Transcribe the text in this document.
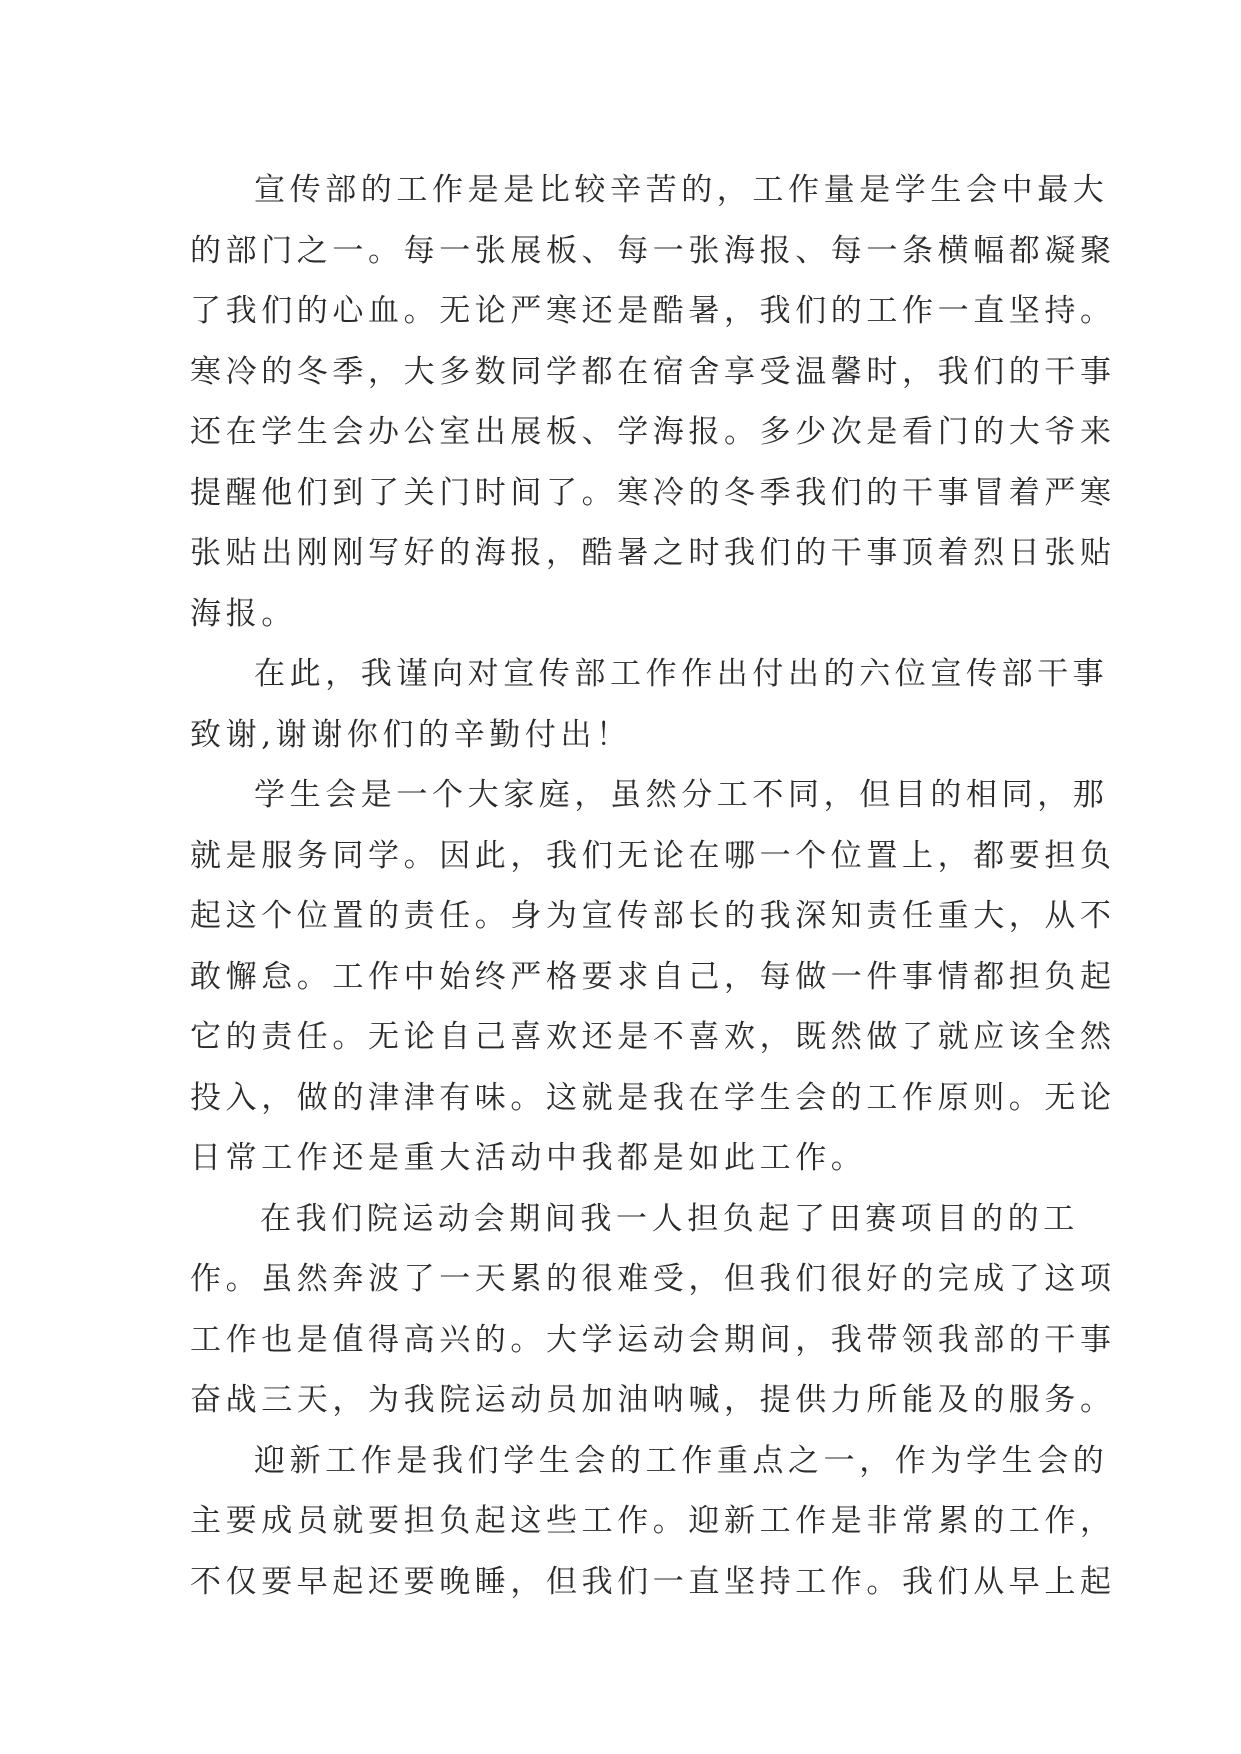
宣传部的工作是是比较辛苦的，工作量是学生会中最大
的部门之一。每一张展板、每一张海报、每一条横幅都凝聚
了我们的心血。无论严寒还是酷暑，我们的工作一直坚持。
寒冷的冬季，大多数同学都在宿舍享受温馨时，我们的干事
还在学生会办公室出展板、学海报。多少次是看门的大爷来
提醒他们到了关门时间了。寒冷的冬季我们的干事冒着严寒
张贴出刚刚写好的海报，酷暑之时我们的干事顶着烈日张贴
海报。
在此，我谨向对宣传部工作作出付出的六位宣传部干事
致谢,谢谢你们的辛勤付出！
学生会是一个大家庭，虽然分工不同，但目的相同，那
就是服务同学。因此，我们无论在哪一个位置上，都要担负
起这个位置的责任。身为宣传部长的我深知责任重大，从不
敢懈怠。工作中始终严格要求自己，每做一件事情都担负起
它的责任。无论自己喜欢还是不喜欢，既然做了就应该全然
投入，做的津津有味。这就是我在学生会的工作原则。无论
日常工作还是重大活动中我都是如此工作。
在我们院运动会期间我一人担负起了田赛项目的的工
作。虽然奔波了一天累的很难受，但我们很好的完成了这项
工作也是值得高兴的。大学运动会期间，我带领我部的干事
奋战三天，为我院运动员加油呐喊，提供力所能及的服务。
迎新工作是我们学生会的工作重点之一，作为学生会的
主要成员就要担负起这些工作。迎新工作是非常累的工作，
不仅要早起还要晚睡，但我们一直坚持工作。我们从早上起
